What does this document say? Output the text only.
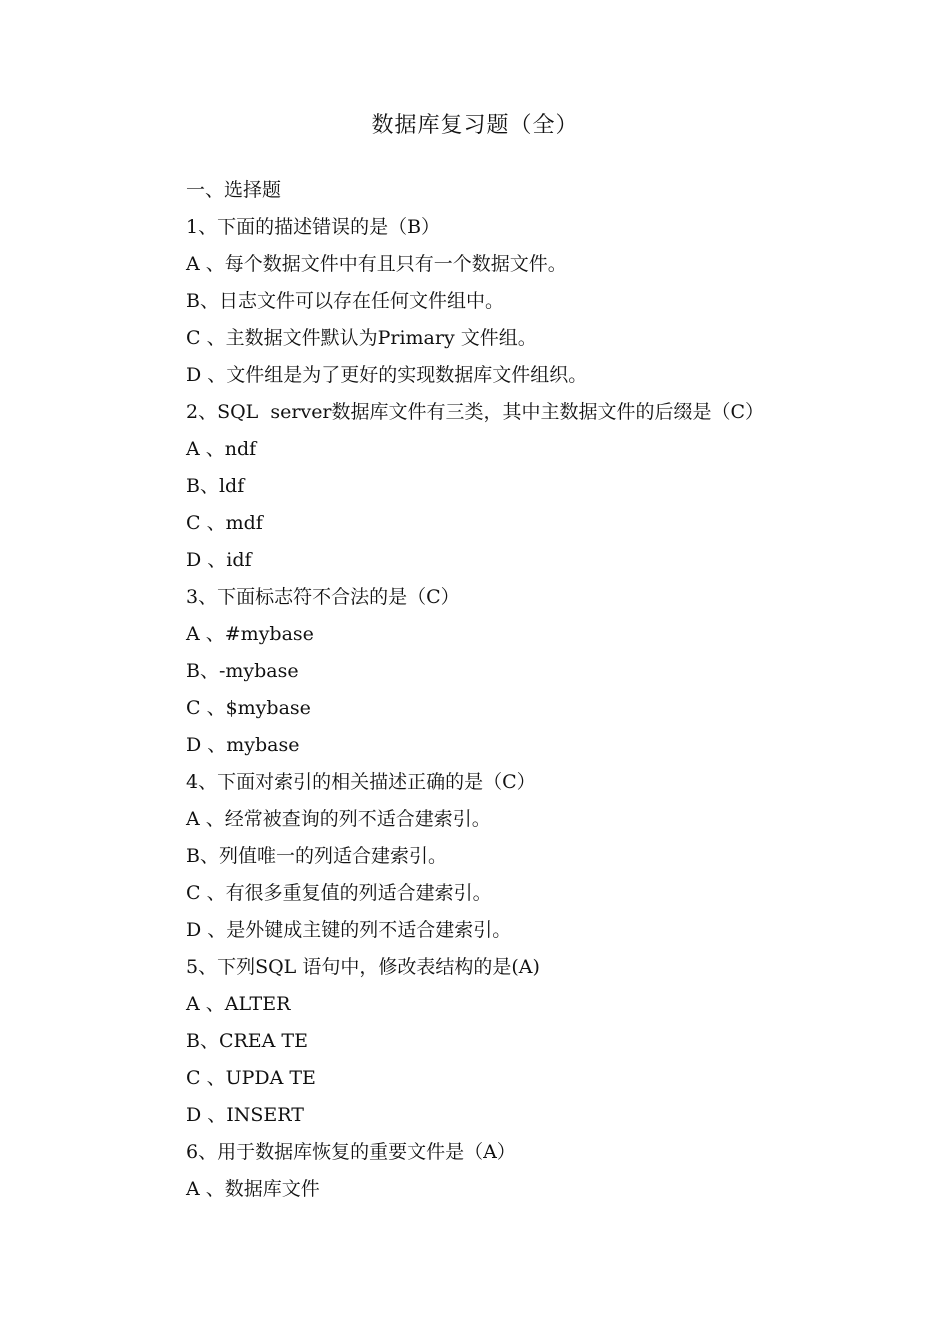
数据库复习题（全）
一、选择题
1、下面的描述错误的是（B）
A 、每个数据文件中有且只有一个数据文件。
B、日志文件可以存在任何文件组中。
C 、主数据文件默认为Primary 文件组。
D 、文件组是为了更好的实现数据库文件组织。
2、SQL  server数据库文件有三类，其中主数据文件的后缀是（C）
A 、ndf
B、ldf
C 、mdf
D 、idf
3、下面标志符不合法的是（C）
A 、#mybase
B、-mybase
C 、$mybase
D 、mybase
4、下面对索引的相关描述正确的是（C）
A 、经常被查询的列不适合建索引。
B、列值唯一的列适合建索引。
C 、有很多重复值的列适合建索引。
D 、是外键成主键的列不适合建索引。
5、下列SQL 语句中，修改表结构的是(A)
A 、ALTER
B、CREA TE
C 、UPDA TE
D 、INSERT
6、用于数据库恢复的重要文件是（A）
A 、数据库文件
